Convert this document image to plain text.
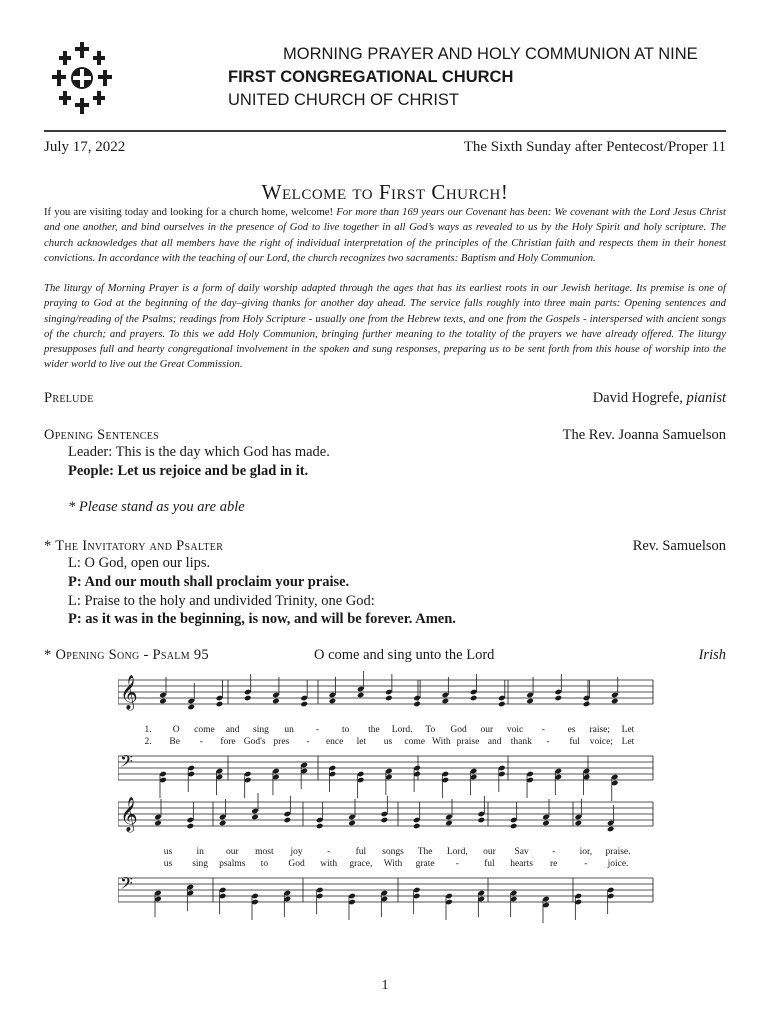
MORNING PRAYER AND HOLY COMMUNION AT NINE
FIRST CONGREGATIONAL CHURCH
UNITED CHURCH OF CHRIST
July 17, 2022	The Sixth Sunday after Pentecost/Proper 11
Welcome to First Church!
If you are visiting today and looking for a church home, welcome! For more than 169 years our Covenant has been: We covenant with the Lord Jesus Christ and one another, and bind ourselves in the presence of God to live together in all God’s ways as revealed to us by the Holy Spirit and holy scripture. The church acknowledges that all members have the right of individual interpretation of the principles of the Christian faith and respects them in their honest convictions. In accordance with the teaching of our Lord, the church recognizes two sacraments: Baptism and Holy Communion.
The liturgy of Morning Prayer is a form of daily worship adapted through the ages that has its earliest roots in our Jewish heritage. Its premise is one of praying to God at the beginning of the day–giving thanks for another day ahead. The service falls roughly into three main parts: Opening sentences and singing/reading of the Psalms; readings from Holy Scripture - usually one from the Hebrew texts, and one from the Gospels - interspersed with ancient songs of the church; and prayers. To this we add Holy Communion, bringing further meaning to the totality of the prayers we have already offered. The liturgy presupposes full and hearty congregational involvement in the spoken and sung responses, preparing us to be sent forth from this house of worship into the wider world to live out the Great Commission.
Prelude	David Hogrefe, pianist
Opening Sentences	The Rev. Joanna Samuelson
Leader: This is the day which God has made.
People: Let us rejoice and be glad in it.
* Please stand as you are able
* The Invitatory and Psalter	Rev. Samuelson
L: O God, open our lips.
P: And our mouth shall proclaim your praise.
L: Praise to the holy and undivided Trinity, one God:
P: as it was in the beginning, is now, and will be forever. Amen.
* Opening Song - Psalm 95	O come and sing unto the Lord	Irish
𝄞
𝄢
𝄞
𝄢
1. O come and sing un - to the Lord. To God our voic - es raise; Let
2. Be - fore God's pres - ence let us come With praise and thank - ful voice; Let
us	in our most joy	-	ful songs The Lord, our Sav -	ior, praise.
us sing psalms to God with grace, With grate -	ful hearts re	- joice.
1
